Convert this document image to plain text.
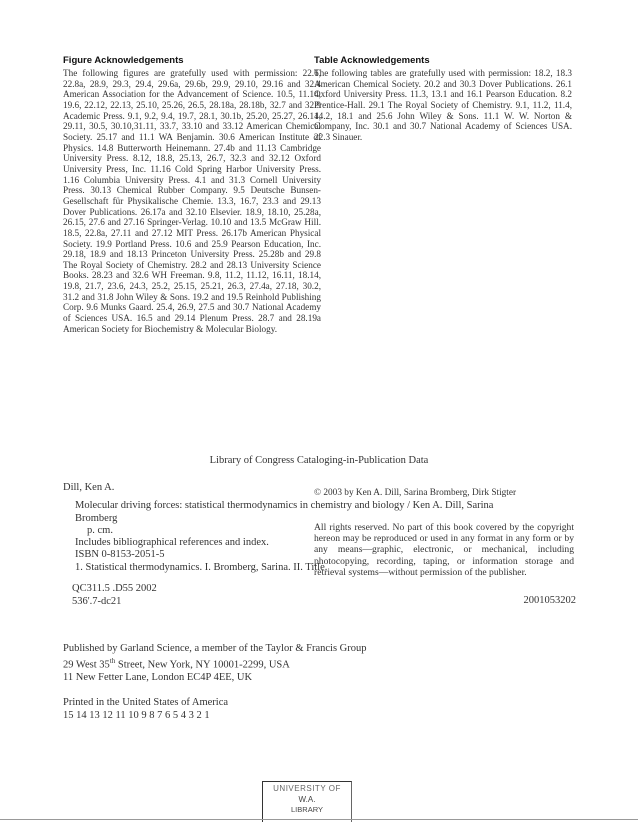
Figure Acknowledgements

The following figures are gratefully used with permission: 22.6, 22.8a, 28.9, 29.3, 29.4, 29.6a, 29.6b, 29.9, 29.10, 29.16 and 32.4 American Association for the Advancement of Science. 10.5, 11.14, 19.6, 22.12, 22.13, 25.10, 25.26, 26.5, 28.18a, 28.18b, 32.7 and 32.9 Academic Press. 9.1, 9.2, 9.4, 19.7, 28.1, 30.1b, 25.20, 25.27, 26.14, 29.11, 30.5, 30.10,31.11, 33.7, 33.10 and 33.12 American Chemical Society. 25.17 and 11.1 WA Benjamin. 30.6 American Institute of Physics. 14.8 Butterworth Heinemann. 27.4b and 11.13 Cambridge University Press. 8.12, 18.8, 25.13, 26.7, 32.3 and 32.12 Oxford University Press, Inc. 11.16 Cold Spring Harbor University Press. 1.16 Columbia University Press. 4.1 and 31.3 Cornell University Press. 30.13 Chemical Rubber Company. 9.5 Deutsche Bunsen-Gesellschaft für Physikalische Chemie. 13.3, 16.7, 23.3 and 29.13 Dover Publications. 26.17a and 32.10 Elsevier. 18.9, 18.10, 25.28a, 26.15, 27.6 and 27.16 Springer-Verlag. 10.10 and 13.5 McGraw Hill. 18.5, 22.8a, 27.11 and 27.12 MIT Press. 26.17b American Physical Society. 19.9 Portland Press. 10.6 and 25.9 Pearson Education, Inc. 29.18, 18.9 and 18.13 Princeton University Press. 25.28b and 29.8 The Royal Society of Chemistry. 28.2 and 28.13 University Science Books. 28.23 and 32.6 WH Freeman. 9.8, 11.2, 11.12, 16.11, 18.14, 19.8, 21.7, 23.6, 24.3, 25.2, 25.15, 25.21, 26.3, 27.4a, 27.18, 30.2, 31.2 and 31.8 John Wiley & Sons. 19.2 and 19.5 Reinhold Publishing Corp. 9.6 Munks Gaard. 25.4, 26.9, 27.5 and 30.7 National Academy of Sciences USA. 16.5 and 29.14 Plenum Press. 28.7 and 28.19a American Society for Biochemistry & Molecular Biology.

Table Acknowledgements

The following tables are gratefully used with permission: 18.2, 18.3 American Chemical Society. 20.2 and 30.3 Dover Publications. 26.1 Oxford University Press. 11.3, 13.1 and 16.1 Pearson Education. 8.2 Prentice-Hall. 29.1 The Royal Society of Chemistry. 9.1, 11.2, 11.4, 14.2, 18.1 and 25.6 John Wiley & Sons. 11.1 W. W. Norton & Company, Inc. 30.1 and 30.7 National Academy of Sciences USA. 22.3 Sinauer.

© 2003 by Ken A. Dill, Sarina Bromberg, Dirk Stigter

All rights reserved. No part of this book covered by the copyright hereon may be reproduced or used in any format in any form or by any means—graphic, electronic, or mechanical, including photocopying, recording, taping, or information storage and retrieval systems—without permission of the publisher.

Library of Congress Cataloging-in-Publication Data

Dill, Ken A.

Molecular driving forces: statistical thermodynamics in chemistry and biology / Ken A. Dill, Sarina

Bromberg

p. cm.

Includes bibliographical references and index.

ISBN 0-8153-2051-5

1. Statistical thermodynamics. I. Bromberg, Sarina. II. Title.

QC311.5 .D55 2002

536'.7-dc21	2001053202

Published by Garland Science, a member of the Taylor & Francis Group

29 West 35th Street, New York, NY 10001-2299, USA

11 New Fetter Lane, London EC4P 4EE, UK

Printed in the United States of America

15 14 13 12 11 10 9 8 7 6 5 4 3 2 1

UNIVERSITY OF

W.A.

LIBRARY
